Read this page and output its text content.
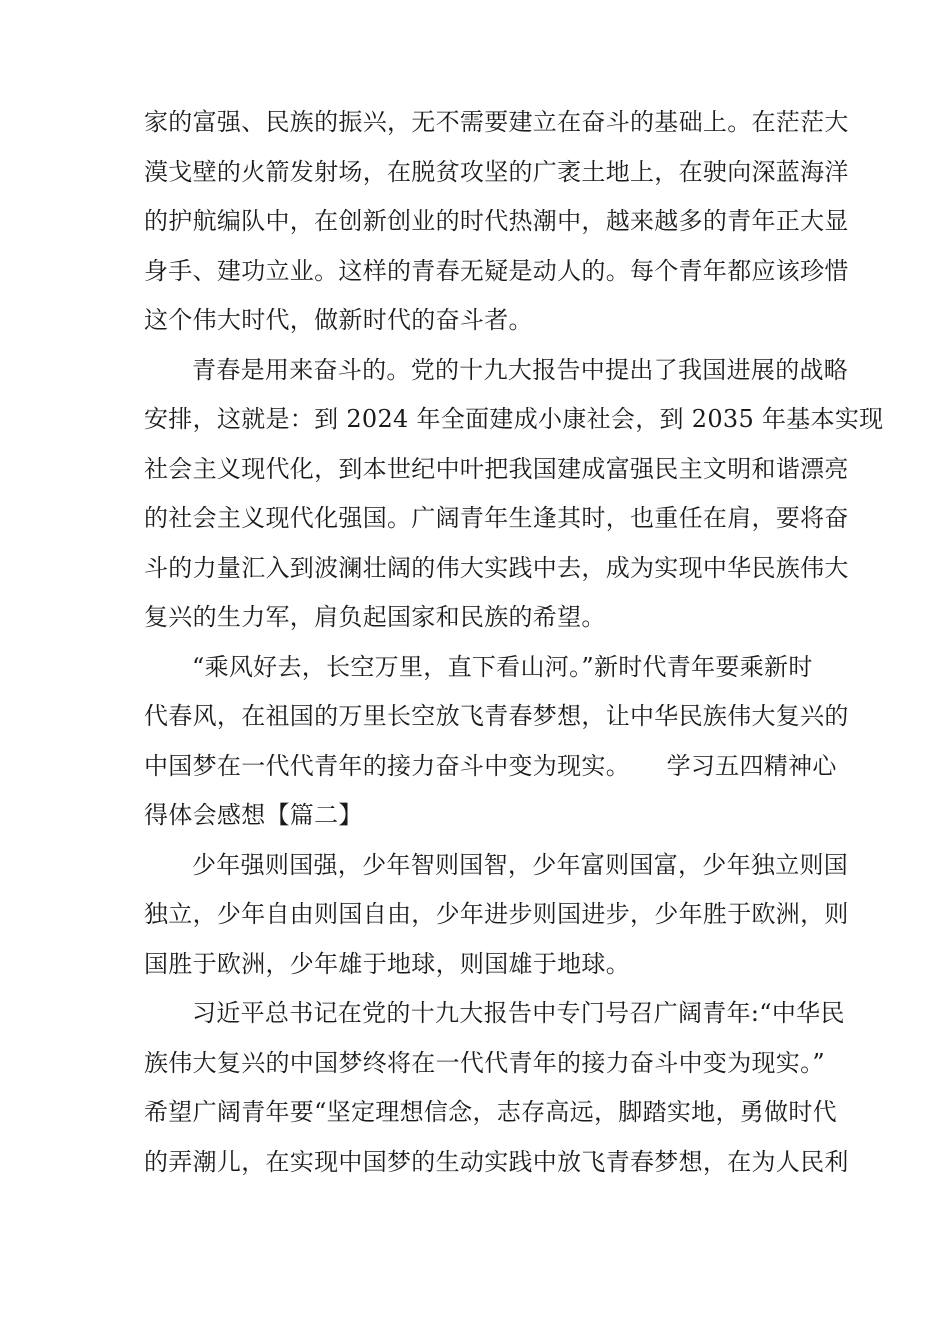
家的富强、民族的振兴，无不需要建立在奋斗的基础上。在茫茫大
漠戈壁的火箭发射场，在脱贫攻坚的广袤土地上，在驶向深蓝海洋
的护航编队中，在创新创业的时代热潮中，越来越多的青年正大显
身手、建功立业。这样的青春无疑是动人的。每个青年都应该珍惜
这个伟大时代，做新时代的奋斗者。
青春是用来奋斗的。党的十九大报告中提出了我国进展的战略
安排，这就是：到 2024 年全面建成小康社会，到 2035 年基本实现
社会主义现代化，到本世纪中叶把我国建成富强民主文明和谐漂亮
的社会主义现代化强国。广阔青年生逢其时，也重任在肩，要将奋
斗的力量汇入到波澜壮阔的伟大实践中去，成为实现中华民族伟大
复兴的生力军，肩负起国家和民族的希望。
“乘风好去，长空万里，直下看山河。”新时代青年要乘新时
代春风，在祖国的万里长空放飞青春梦想，让中华民族伟大复兴的
中国梦在一代代青年的接力奋斗中变为现实。　　学习五四精神心
得体会感想【篇二】
少年强则国强，少年智则国智，少年富则国富，少年独立则国
独立，少年自由则国自由，少年进步则国进步，少年胜于欧洲，则
国胜于欧洲，少年雄于地球，则国雄于地球。
习近平总书记在党的十九大报告中专门号召广阔青年:“中华民
族伟大复兴的中国梦终将在一代代青年的接力奋斗中变为现实。”
希望广阔青年要“坚定理想信念，志存高远，脚踏实地，勇做时代
的弄潮儿，在实现中国梦的生动实践中放飞青春梦想，在为人民利
